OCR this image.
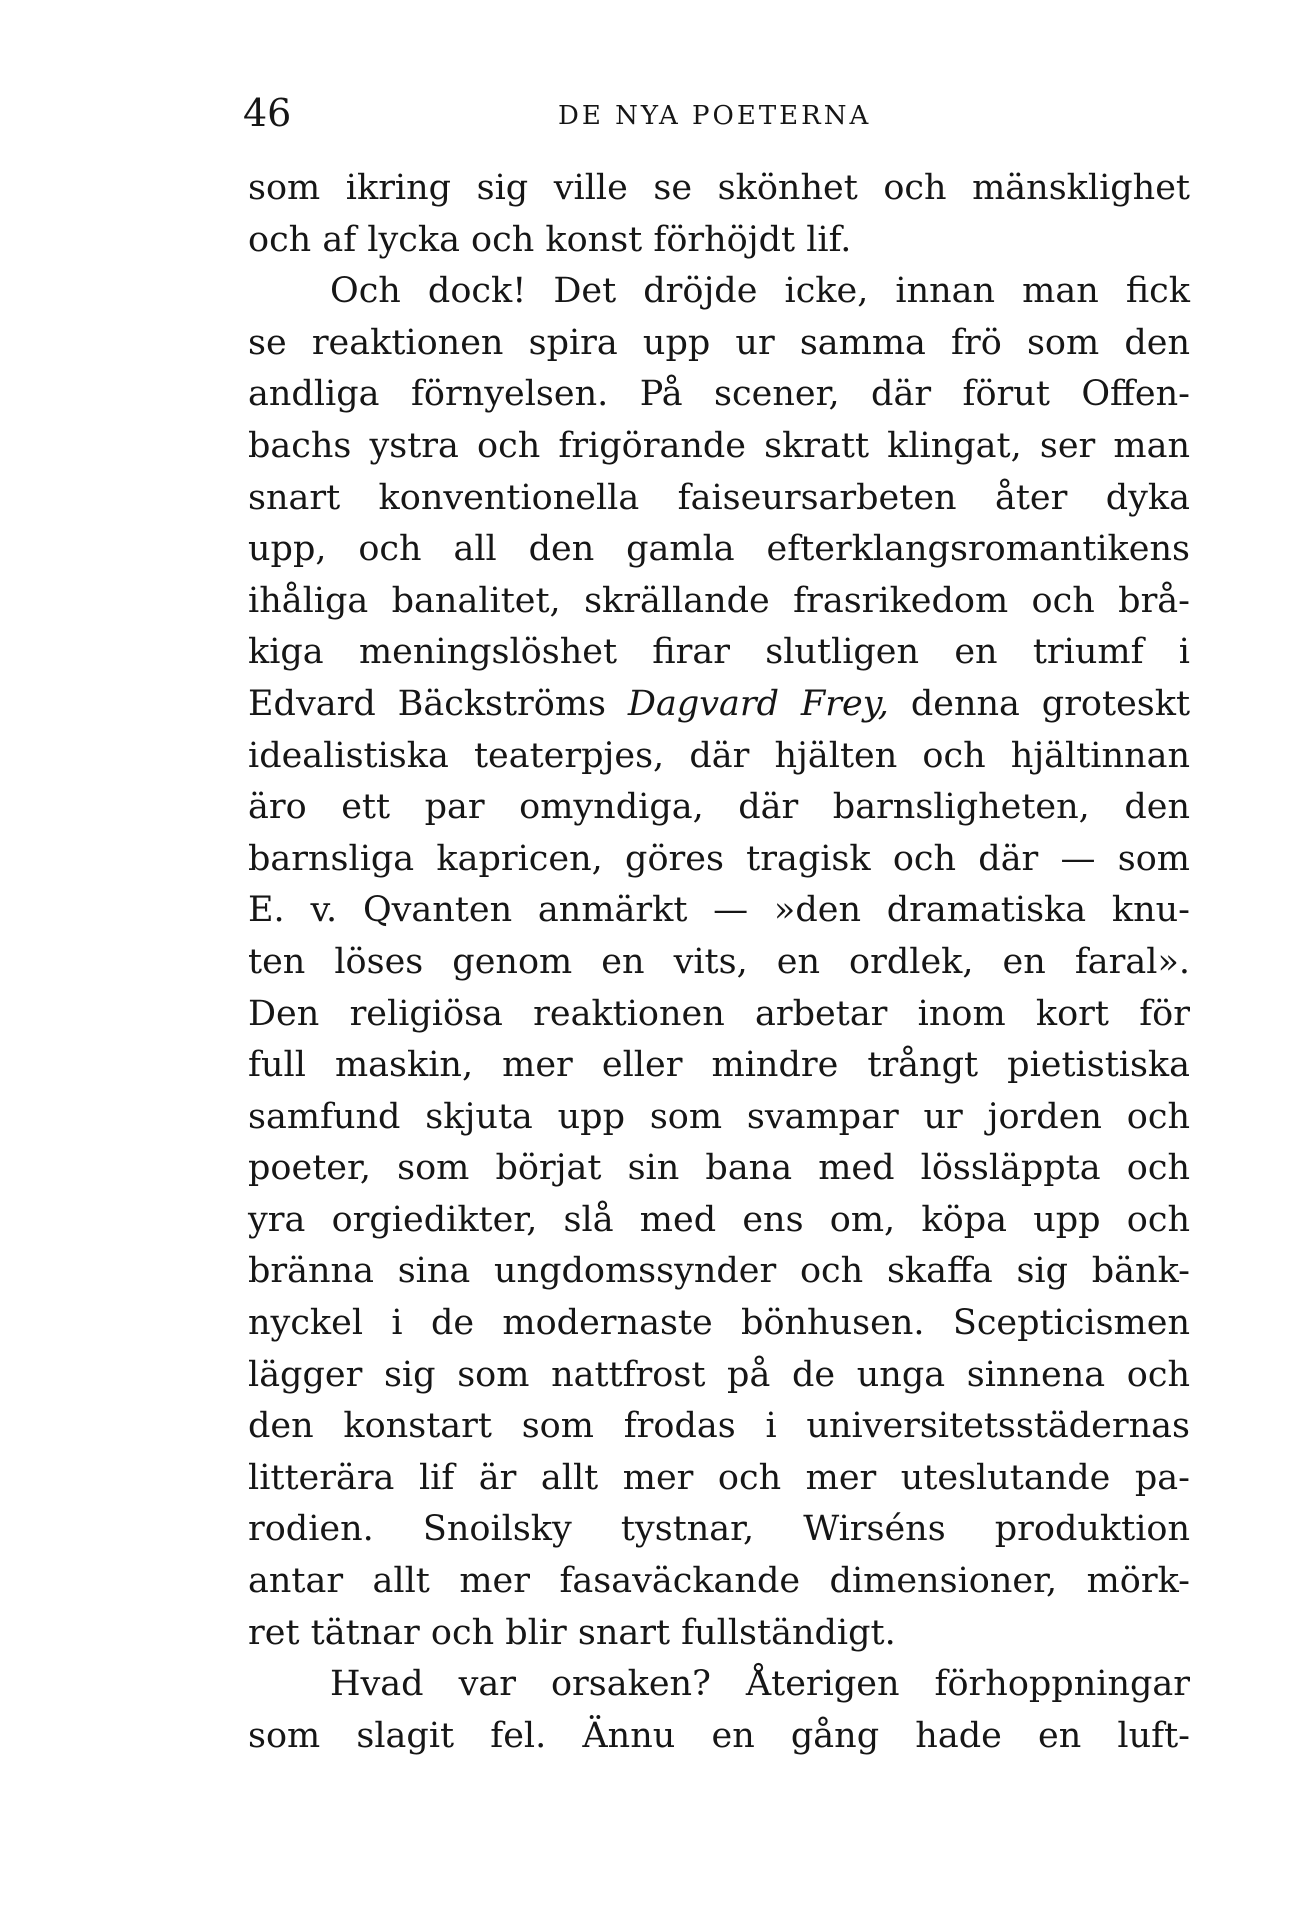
46	DE NYA POETERNA
som ikring sig ville se skönhet och mänsklighet
och af lycka och konst förhöjdt lif.
Och dock! Det dröjde icke, innan man fick
se reaktionen spira upp ur samma frö som den
andliga förnyelsen. På scener, där förut Offen-
bachs ystra och frigörande skratt klingat, ser man
snart konventionella faiseursarbeten åter dyka
upp, och all den gamla efterklangsromantikens
ihåliga banalitet, skrällande frasrikedom och brå-
kiga meningslöshet firar slutligen en triumf i
Edvard Bäckströms Dagvard Frey, denna groteskt
idealistiska teaterpjes, där hjälten och hjältinnan
äro ett par omyndiga, där barnsligheten, den
barnsliga kapricen, göres tragisk och där — som
E. v. Qvanten anmärkt — »den dramatiska knu-
ten löses genom en vits, en ordlek, en faral».
Den religiösa reaktionen arbetar inom kort för
full maskin, mer eller mindre trångt pietistiska
samfund skjuta upp som svampar ur jorden och
poeter, som börjat sin bana med lössläppta och
yra orgiedikter, slå med ens om, köpa upp och
bränna sina ungdomssynder och skaffa sig bänk-
nyckel i de modernaste bönhusen. Scepticismen
lägger sig som nattfrost på de unga sinnena och
den konstart som frodas i universitetsstädernas
litterära lif är allt mer och mer uteslutande pa-
rodien. Snoilsky tystnar, Wirséns produktion
antar allt mer fasaväckande dimensioner, mörk-
ret tätnar och blir snart fullständigt.
Hvad var orsaken? Återigen förhoppningar
som slagit fel. Ännu en gång hade en luft-
